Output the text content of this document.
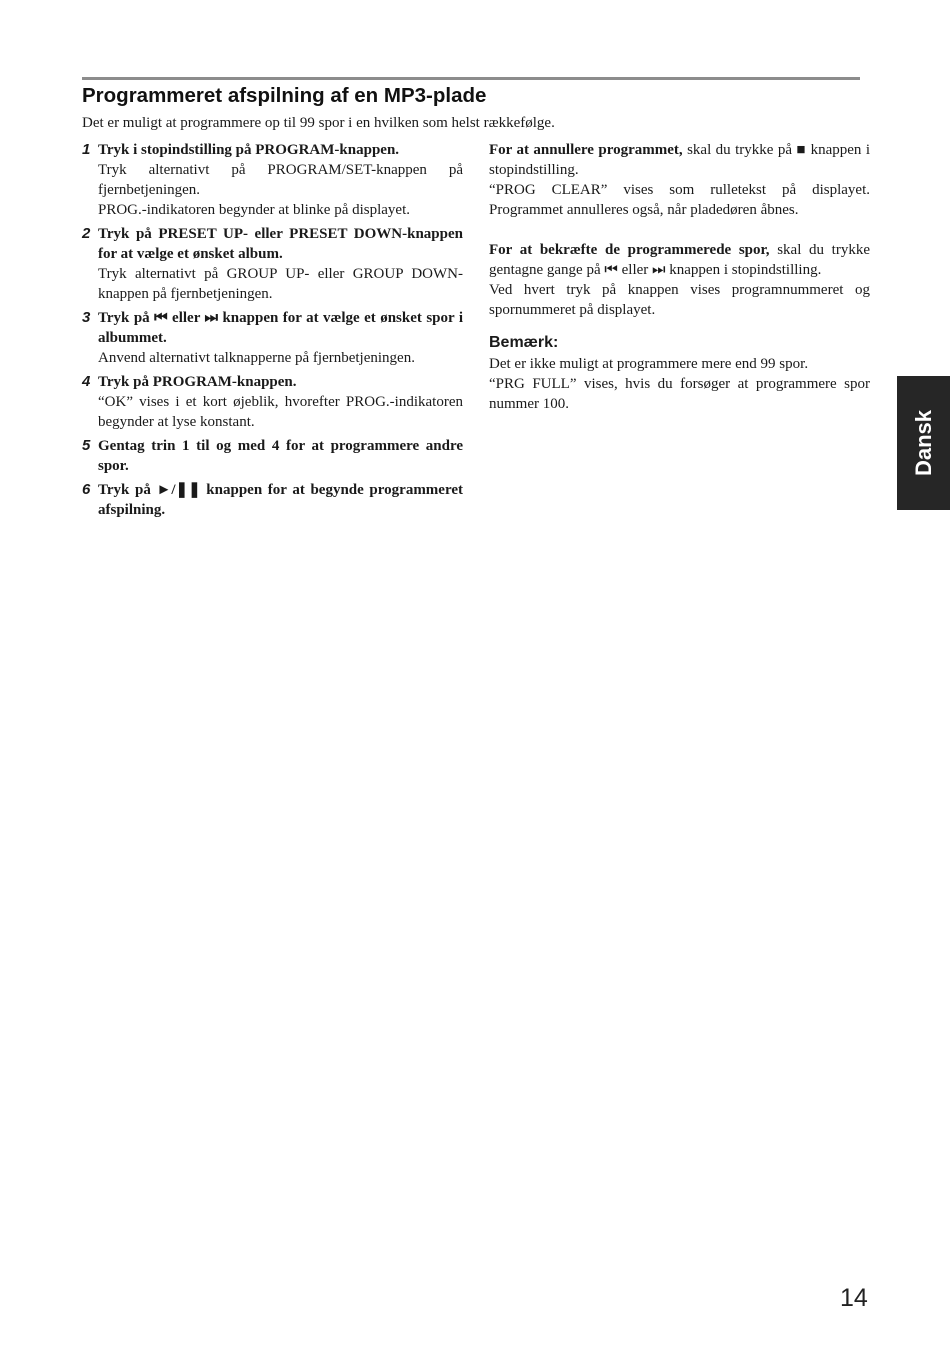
Programmeret afspilning af en MP3-plade
Det er muligt at programmere op til 99 spor i en hvilken som helst rækkefølge.
1 Tryk i stopindstilling på PROGRAM-knappen.
Tryk alternativt på PROGRAM/SET-knappen på fjernbetjeningen.
PROG.-indikatoren begynder at blinke på displayet.
2 Tryk på PRESET UP- eller PRESET DOWN-knappen for at vælge et ønsket album.
Tryk alternativt på GROUP UP- eller GROUP DOWN-knappen på fjernbetjeningen.
3 Tryk på ⏮ eller ⏭ knappen for at vælge et ønsket spor i albummet.
Anvend alternativt talknapperne på fjernbetjeningen.
4 Tryk på PROGRAM-knappen.
“OK” vises i et kort øjeblik, hvorefter PROG.-indikatoren begynder at lyse konstant.
5 Gentag trin 1 til og med 4 for at programmere andre spor.
6 Tryk på ►/❚❚ knappen for at begynde programmeret afspilning.
For at annullere programmet, skal du trykke på ■ knappen i stopindstilling.
“PROG CLEAR” vises som rulletekst på displayet. Programmet annulleres også, når pladedøren åbnes.
For at bekræfte de programmerede spor, skal du trykke gentagne gange på ⏮ eller ⏭ knappen i stopindstilling.
Ved hvert tryk på knappen vises programnummeret og spornummeret på displayet.
Bemærk:
Det er ikke muligt at programmere mere end 99 spor.
“PRG FULL” vises, hvis du forsøger at programmere spor nummer 100.
Dansk
14
